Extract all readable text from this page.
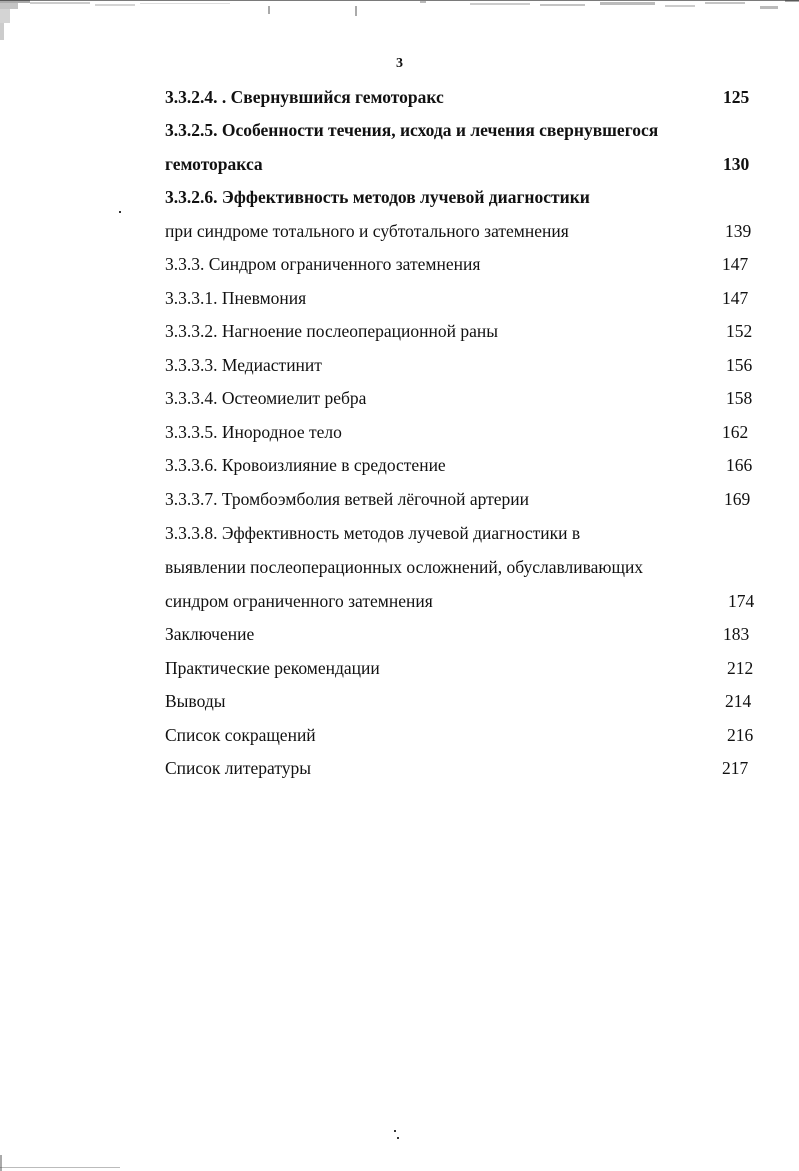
3
3.3.2.4. . Свернувшийся гемоторакс	125
3.3.2.5. Особенности течения, исхода и лечения свернувшегося
гемоторакса	130
3.3.2.6. Эффективность методов лучевой диагностики
при синдроме тотального и субтотального затемнения	139
3.3.3. Синдром ограниченного затемнения	147
3.3.3.1. Пневмония	147
3.3.3.2. Нагноение послеоперационной раны	152
3.3.3.3. Медиастинит	156
3.3.3.4. Остеомиелит ребра	158
3.3.3.5. Инородное тело	162
3.3.3.6. Кровоизлияние в средостение	166
3.3.3.7. Тромбоэмболия ветвей лёгочной артерии	169
3.3.3.8. Эффективность методов лучевой диагностики в
выявлении послеоперационных осложнений, обуславливающих
синдром ограниченного затемнения	174
Заключение	183
Практические рекомендации	212
Выводы	214
Список сокращений	216
Список литературы	217
